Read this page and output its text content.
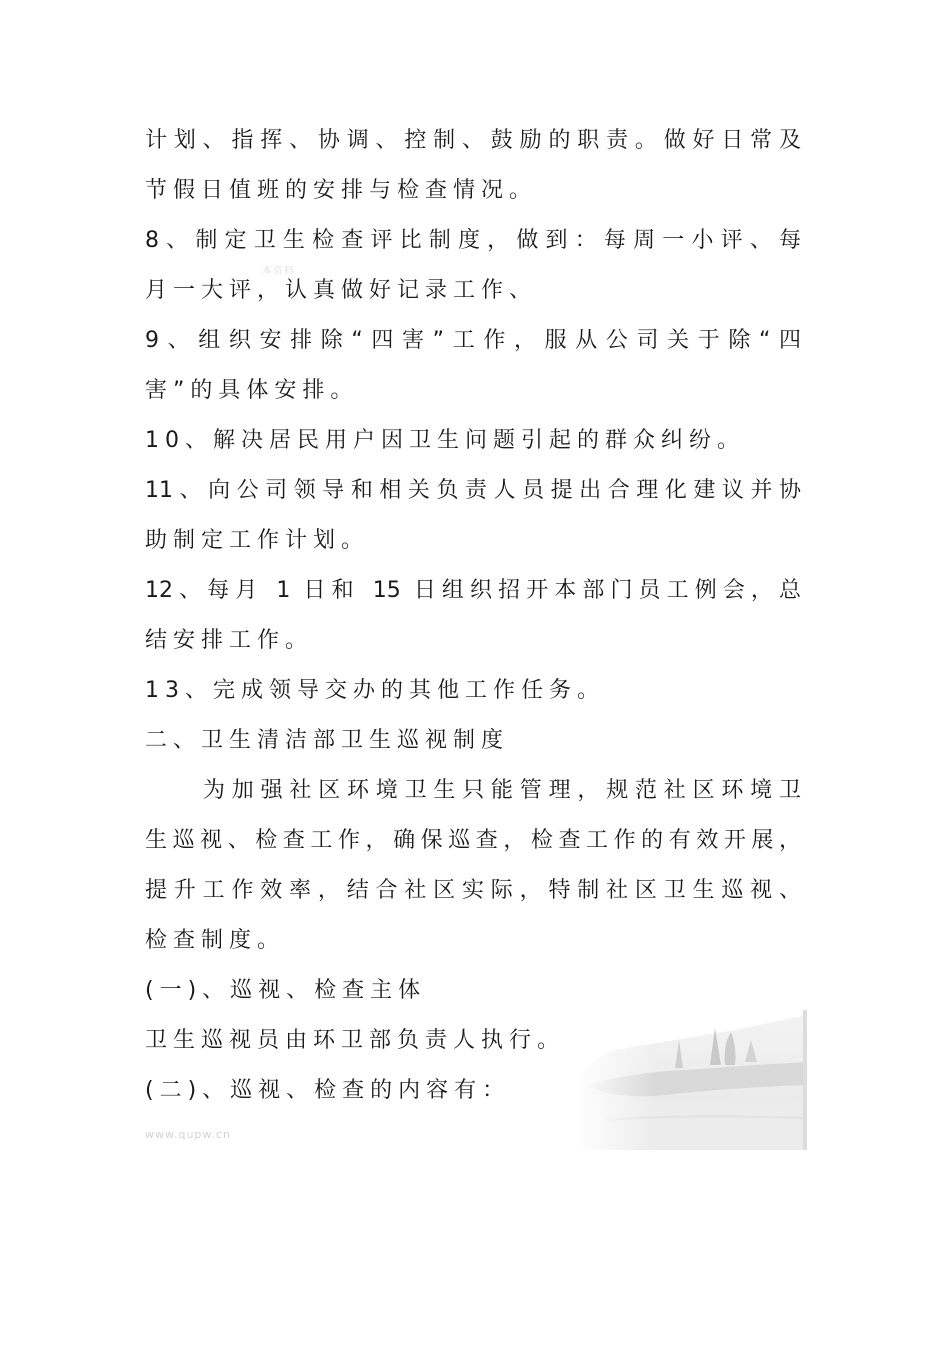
本资料
计划、指挥、协调、控制、鼓励的职责。做好日常及
节假日值班的安排与检查情况。
8、制定卫生检查评比制度，做到：每周一小评、每
月一大评，认真做好记录工作、
9、组织安排除“四害”工作，服从公司关于除“四
害”的具体安排。
10、解决居民用户因卫生问题引起的群众纠纷。
11、向公司领导和相关负责人员提出合理化建议并协
助制定工作计划。
12、每月 1 日和 15 日组织招开本部门员工例会，总
结安排工作。
13、完成领导交办的其他工作任务。
二、卫生清洁部卫生巡视制度
为加强社区环境卫生只能管理，规范社区环境卫
生巡视、检查工作，确保巡查，检查工作的有效开展，
提升工作效率，结合社区实际，特制社区卫生巡视、
检查制度。
(一)、巡视、检查主体
卫生巡视员由环卫部负责人执行。
(二)、巡视、检查的内容有：
www.qupw.cn
